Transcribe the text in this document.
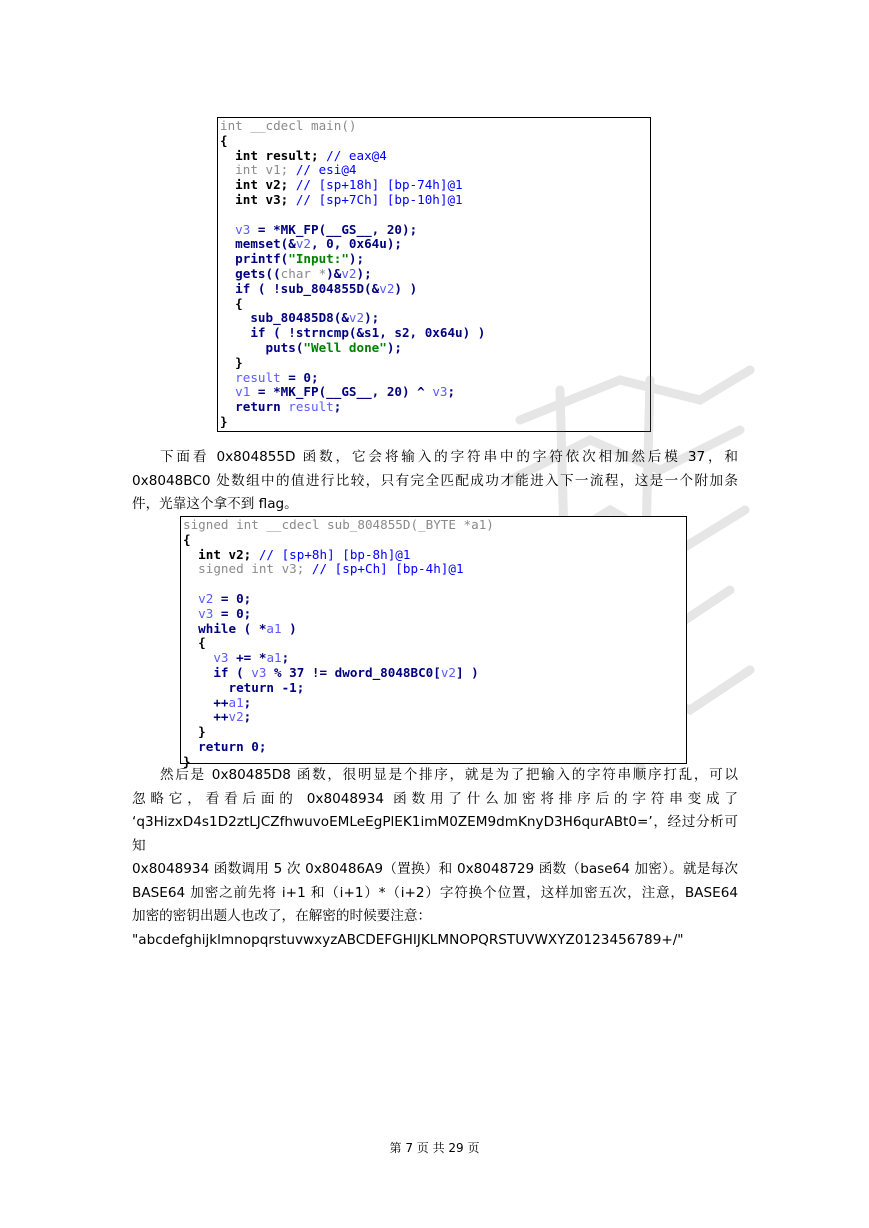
int __cdecl main()
{
int result; // eax@4
int v1; // esi@4
int v2; // [sp+18h] [bp-74h]@1
int v3; // [sp+7Ch] [bp-10h]@1
v3 = *MK_FP(__GS__, 20);
memset(&v2, 0, 0x64u);
printf("Input:");
gets((char *)&v2);
if ( !sub_804855D(&v2) )
{
sub_80485D8(&v2);
if ( !strncmp(&s1, s2, 0x64u) )
puts("Well done");
}
result = 0;
v1 = *MK_FP(__GS__, 20) ^ v3;
return result;
}

下面看 0x804855D 函数，它会将输入的字符串中的字符依次相加然后模 37，和

0x8048BC0 处数组中的值进行比较，只有完全匹配成功才能进入下一流程，这是一个附加条

件，光靠这个拿不到 flag。

signed int __cdecl sub_804855D(_BYTE *a1)
{
int v2; // [sp+8h] [bp-8h]@1
signed int v3; // [sp+Ch] [bp-4h]@1
v2 = 0;
v3 = 0;
while ( *a1 )
{
v3 += *a1;
if ( v3 % 37 != dword_8048BC0[v2] )
return -1;
++a1;
++v2;
}
return 0;
}

然后是 0x80485D8 函数，很明显是个排序，就是为了把输入的字符串顺序打乱，可以

忽略它，看看后面的 0x8048934 函数用了什么加密将排序后的字符串变成了

‘q3HizxD4s1D2ztLJCZfhwuvoEMLeEgPlEK1imM0ZEM9dmKnyD3H6qurABt0=’，经过分析可知

0x8048934 函数调用 5 次 0x80486A9（置换）和 0x8048729 函数（base64 加密）。就是每次

BASE64 加密之前先将 i+1 和（i+1）*（i+2）字符换个位置，这样加密五次，注意，BASE64

加密的密钥出题人也改了，在解密的时候要注意：

"abcdefghijklmnopqrstuvwxyzABCDEFGHIJKLMNOPQRSTUVWXYZ0123456789+/"

第 7 页 共 29 页
